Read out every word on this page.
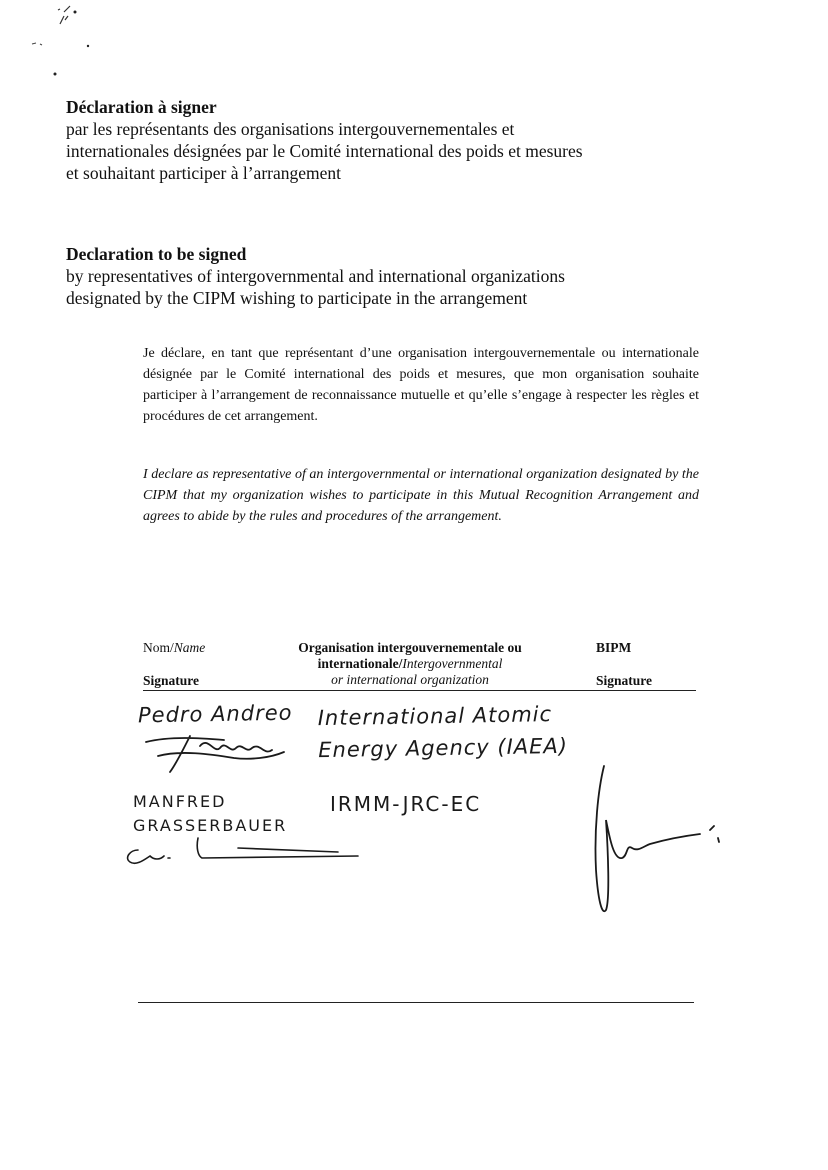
Déclaration à signer
par les représentants des organisations intergouvernementales et
internationales désignées par le Comité international des poids et mesures
et souhaitant participer à l’arrangement
Declaration to be signed
by representatives of intergovernmental and international organizations
designated by the CIPM wishing to participate in the arrangement
Je déclare, en tant que représentant d’une organisation intergouvernementale ou internationale désignée par le Comité international des poids et mesures, que mon organisation souhaite participer à l’arrangement de reconnaissance mutuelle et qu’elle s’engage à respecter les règles et procédures de cet arrangement.
I declare as representative of an intergovernmental or international organization designated by the CIPM that my organization wishes to participate in this Mutual Recognition Arrangement and agrees to abide by the rules and procedures of the arrangement.
Nom/Name
Signature
Organisation intergouvernementale ou
internationale/Intergovernmental
or international organization
BIPM
Signature
Pedro Andreo International Atomic
Energy Agency (IAEA)
MANFRED
GRASSERBAUER
IRMM-JRC-EC
